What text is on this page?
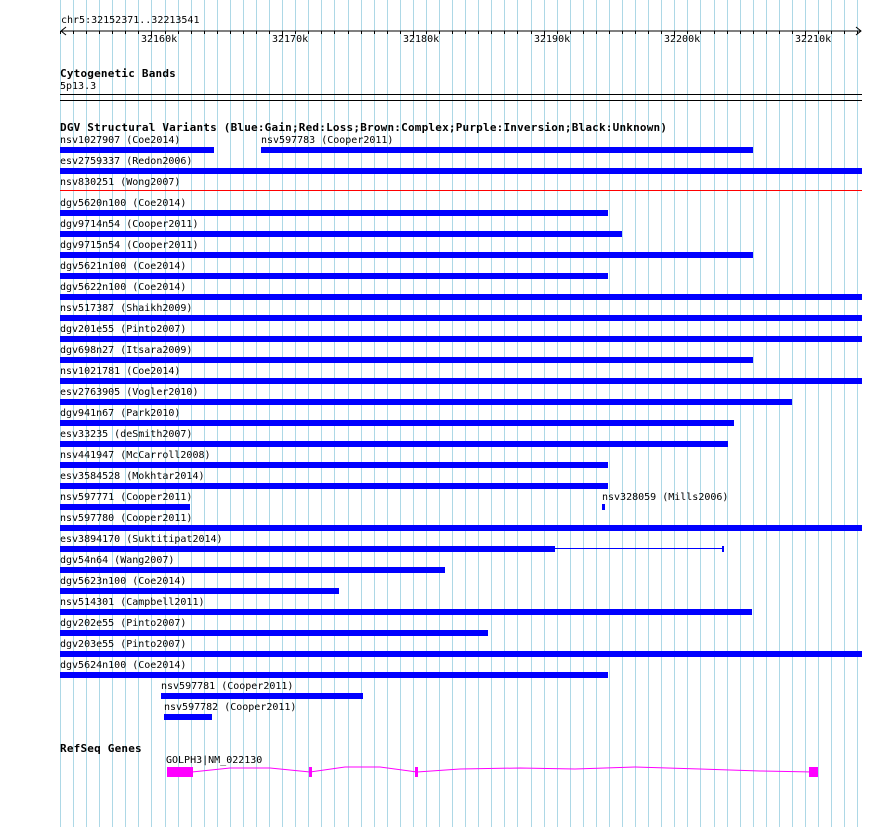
chr5:32152371..32213541
32160k	32170k	32180k	32190k	32200k	32210k
Cytogenetic Bands
5p13.3
DGV Structural Variants (Blue:Gain;Red:Loss;Brown:Complex;Purple:Inversion;Black:Unknown)
nsv1027907 (Coe2014)	nsv597783 (Cooper2011)
esv2759337 (Redon2006)
nsv830251 (Wong2007)
dgv5620n100 (Coe2014)
dgv9714n54 (Cooper2011)
dgv9715n54 (Cooper2011)
dgv5621n100 (Coe2014)
dgv5622n100 (Coe2014)
nsv517387 (Shaikh2009)
dgv201e55 (Pinto2007)
dgv698n27 (Itsara2009)
nsv1021781 (Coe2014)
esv2763905 (Vogler2010)
dgv941n67 (Park2010)
esv33235 (deSmith2007)
nsv441947 (McCarroll2008)
esv3584528 (Mokhtar2014)
nsv597771 (Cooper2011)	nsv328059 (Mills2006)
nsv597780 (Cooper2011)
esv3894170 (Suktitipat2014)
dgv54n64 (Wang2007)
dgv5623n100 (Coe2014)
nsv514301 (Campbell2011)
dgv202e55 (Pinto2007)
dgv203e55 (Pinto2007)
dgv5624n100 (Coe2014)
nsv597781 (Cooper2011)
nsv597782 (Cooper2011)
RefSeq Genes
GOLPH3|NM_022130
